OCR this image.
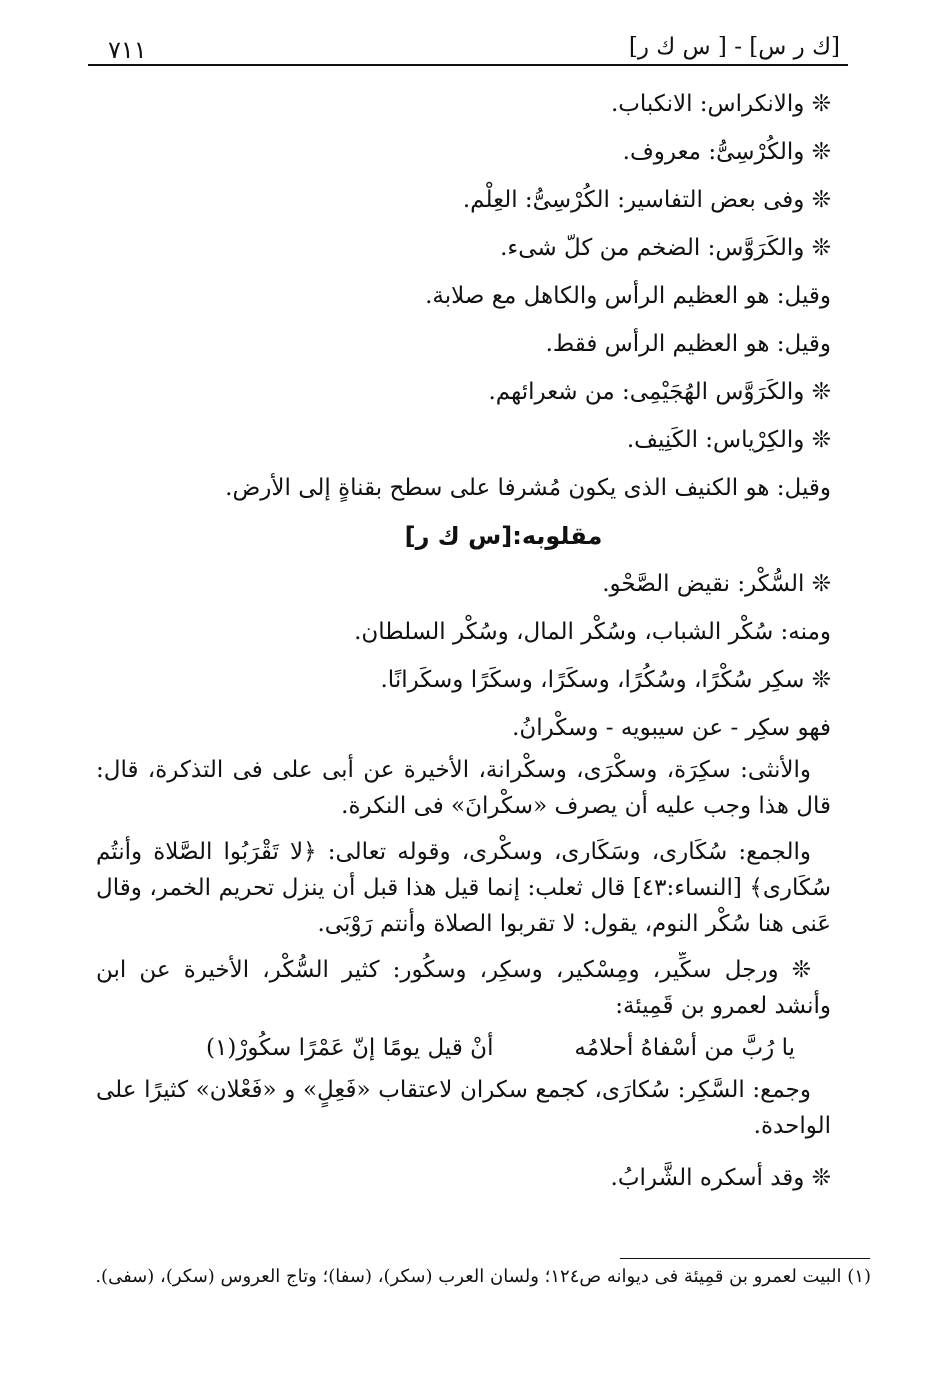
٧١١	[ك ر س] - [ س ك ر]
❊ والانكراس: الانكباب.
❊ والكُرْسِىُّ: معروف.
❊ وفى بعض التفاسير: الكُرْسِىُّ: العِلْم.
❊ والكَرَوَّس: الضخم من كلّ شىء.
وقيل: هو العظيم الرأس والكاهل مع صلابة.
وقيل: هو العظيم الرأس فقط.
❊ والكَرَوَّس الهُجَيْمِى: من شعرائهم.
❊ والكِرْياس: الكَنِيف.
وقيل: هو الكنيف الذى يكون مُشرفا على سطح بقناةٍ إلى الأرض.
مقلوبه:[س ك ر]
❊ السُّكْر: نقيض الصَّحْو.
ومنه: سُكْر الشباب، وسُكْر المال، وسُكْر السلطان.
❊ سكِر سُكْرًا، وسُكُرًا، وسكَرًا، وسكَرًا وسكَرانًا.
فهو سكِر - عن سيبويه - وسكْرانُ.
والأنثى: سكِرَة، وسكْرَى، وسكْرانة، الأخيرة عن أبى على فى التذكرة، قال:
قال هذا وجب عليه أن يصرف «سكْرانَ» فى النكرة.
والجمع: سُكَارى، وسَكَارى، وسكْرى، وقوله تعالى: ﴿لا تَقْرَبُوا الصَّلاة وأنتُم
سُكَارى﴾ [النساء:٤٣] قال ثعلب: إنما قيل هذا قبل أن ينزل تحريم الخمر، وقال
عَنى هنا سُكْر النوم، يقول: لا تقربوا الصلاة وأنتم رَوْبَى.
❊ ورجل سكِّير، ومِسْكير، وسكِر، وسكُور: كثير السُّكْر، الأخيرة عن ابن
وأنشد لعمرو بن قَمِيئة:
يا رُبَّ من أسْفاهُ أحلامُه
أنْ قيل يومًا إنّ عَمْرًا سكُورْ(١)
وجمع: السَّكِر: سُكارَى، كجمع سكران لاعتقاب «فَعِلٍ» و «فَعْلان» كثيرًا على
الواحدة.
❊ وقد أسكره الشَّرابُ.
(١) البيت لعمرو بن قمِيئة فى ديوانه ص١٢٤؛ ولسان العرب (سكر)، (سفا)؛ وتاج العروس (سكر)، (سفى).
